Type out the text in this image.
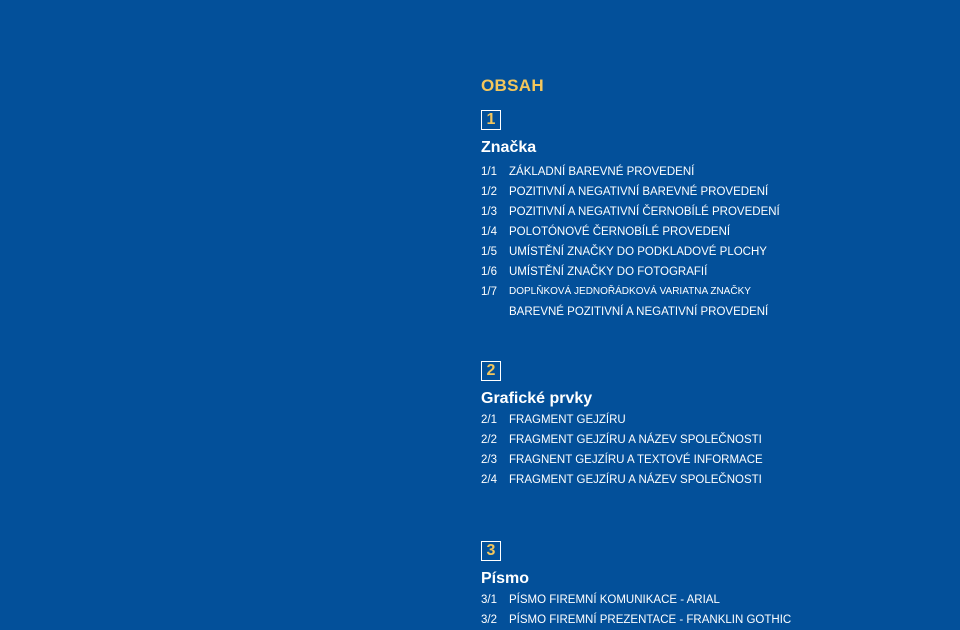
OBSAH
1
Značka
1/1	ZÁKLADNÍ BAREVNÉ PROVEDENÍ
1/2	POZITIVNÍ A NEGATIVNÍ BAREVNÉ PROVEDENÍ
1/3	POZITIVNÍ A NEGATIVNÍ ČERNOBÍLÉ PROVEDENÍ
1/4	POLOTÓNOVÉ ČERNOBÍLÉ PROVEDENÍ
1/5	UMÍSTĚNÍ ZNAČKY DO PODKLADOVÉ PLOCHY
1/6	UMÍSTĚNÍ ZNAČKY DO FOTOGRAFIÍ
1/7	DOPLŇKOVÁ JEDNOŘÁDKOVÁ VARIATNA ZNAČKY
BAREVNÉ POZITIVNÍ A NEGATIVNÍ PROVEDENÍ
2
Grafické prvky
2/1	FRAGMENT GEJZÍRU
2/2	FRAGMENT GEJZÍRU A NÁZEV SPOLEČNOSTI
2/3	FRAGNENT GEJZÍRU A TEXTOVÉ INFORMACE
2/4	FRAGMENT GEJZÍRU A NÁZEV SPOLEČNOSTI
3
Písmo
3/1	PÍSMO FIREMNÍ KOMUNIKACE - ARIAL
3/2	PÍSMO FIREMNÍ PREZENTACE - FRANKLIN GOTHIC
